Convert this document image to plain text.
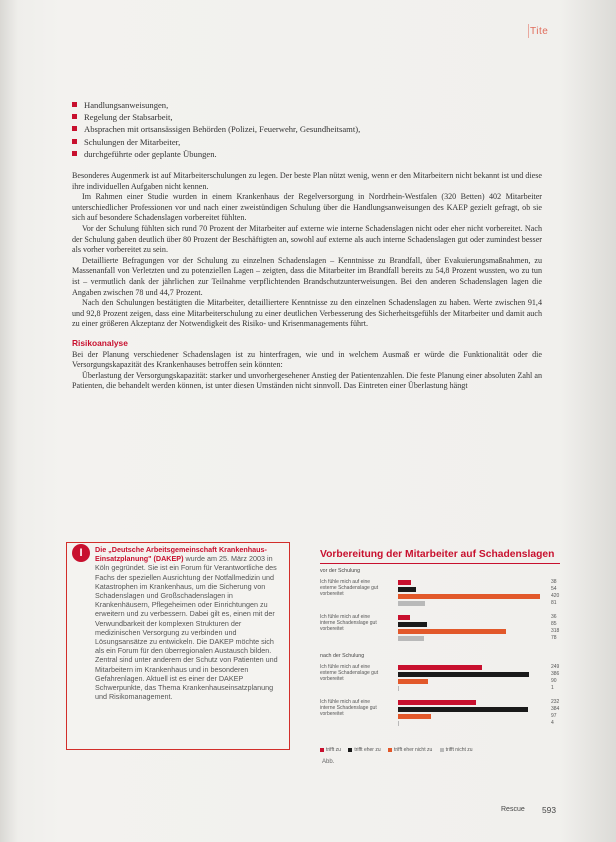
Tite
Handlungsanweisungen,
Regelung der Stabsarbeit,
Absprachen mit ortsansässigen Behörden (Polizei, Feuerwehr, Gesundheitsamt),
Schulungen der Mitarbeiter,
durchgeführte oder geplante Übungen.

Besonderes Augenmerk ist auf Mitarbeiterschulungen zu legen. Der beste Plan nützt wenig, wenn er den Mitarbeitern nicht bekannt ist und diese ihre individuellen Aufgaben nicht kennen.

Im Rahmen einer Studie wurden in einem Krankenhaus der Regelversorgung in Nordrhein-Westfalen (320 Betten) 402 Mitarbeiter unterschiedlicher Professionen vor und nach einer zweistündigen Schulung über die Handlungsanweisungen des KAEP gezielt gefragt, ob sie sich auf besondere Schadenslagen vorbereitet fühlten.

Vor der Schulung fühlten sich rund 70 Prozent der Mitarbeiter auf externe wie interne Schadenslagen nicht oder eher nicht vorbereitet. Nach der Schulung gaben deutlich über 80 Prozent der Beschäftigten an, sowohl auf externe als auch interne Schadenslagen gut oder zumindest besser als vorher vorbereitet zu sein.

Detaillierte Befragungen vor der Schulung zu einzelnen Schadenslagen – Kenntnisse zu Brandfall, über Evakuierungsmaßnahmen, zu Massenanfall von Verletzten und zu potenziellen Lagen – zeigten, dass die Mitarbeiter im Brandfall bereits zu 54,8 Prozent wussten, wo zu tun ist – vermutlich dank der jährlichen zur Teilnahme verpflichtenden Brandschutzunterweisungen. Bei den anderen Schadenslagen lagen die Angaben zwischen 78 und 44,7 Prozent.

Nach den Schulungen bestätigten die Mitarbeiter, detailliertere Kenntnisse zu den einzelnen Schadenslagen zu haben. Werte zwischen 91,4 und 92,8 Prozent zeigen, dass eine Mitarbeiterschulung zu einer deutlichen Verbesserung des Sicherheitsgefühls der Mitarbeiter und damit auch zu einer größeren Akzeptanz der Notwendigkeit des Risiko- und Krisenmanagements führt.

Risikoanalyse

Bei der Planung verschiedener Schadenslagen ist zu hinterfragen, wie und in welchem Ausmaß er würde die Funktionalität oder die Versorgungskapazität des Krankenhauses betroffen sein könnten:

Überlastung der Versorgungskapazität: starker und unvorhergesehener Anstieg der Patientenzahlen. Die feste Planung einer absoluten Zahl an Patienten, die behandelt werden können, ist unter diesen Umständen nicht sinnvoll. Das Eintreten einer Überlastung hängt

I	Die „Deutsche Arbeitsgemeinschaft Krankenhaus-Einsatzplanung" (DAKEP) wurde am 25. März 2003 in Köln gegründet. Sie ist ein Forum für Verantwortliche des Fachs der speziellen Ausrichtung der Notfallmedizin und Katastrophen im Krankenhaus, um die Sicherung von Schadenslagen und Großschadenslagen in Krankenhäusern, Pflegeheimen oder Einrichtungen zu erweitern und zu verbessern. Dabei gilt es, einen mit der Verwundbarkeit der komplexen Strukturen der medizinischen Versorgung zu verbinden und Lösungsansätze zu entwickeln. Die DAKEP möchte sich als ein Forum für den überregionalen Austausch bilden. Zentral sind unter anderem der Schutz von Patienten und Mitarbeitern im Krankenhaus und in besonderen Gefahrenlagen. Aktuell ist es einer der DAKEP Schwerpunkte, das Thema Krankenhauseinsatzplanung und Risikomanagement.
Vorbereitung der Mitarbeiter auf Schadenslagen
vor der Schulung
Ich fühle mich auf eine externe Schadenslage gut vorbereitet
38
54
420
81
Ich fühle mich auf eine interne Schadenslage gut vorbereitet
36
85
318
78
nach der Schulung
Ich fühle mich auf eine externe Schadenslage gut vorbereitet
249
386
90
1
Ich fühle mich auf eine interne Schadenslage gut vorbereitet
232
384
97
4
trifft zu	trifft eher zu	trifft eher nicht zu	trifft nicht zu
Abb.
Rescue 593
